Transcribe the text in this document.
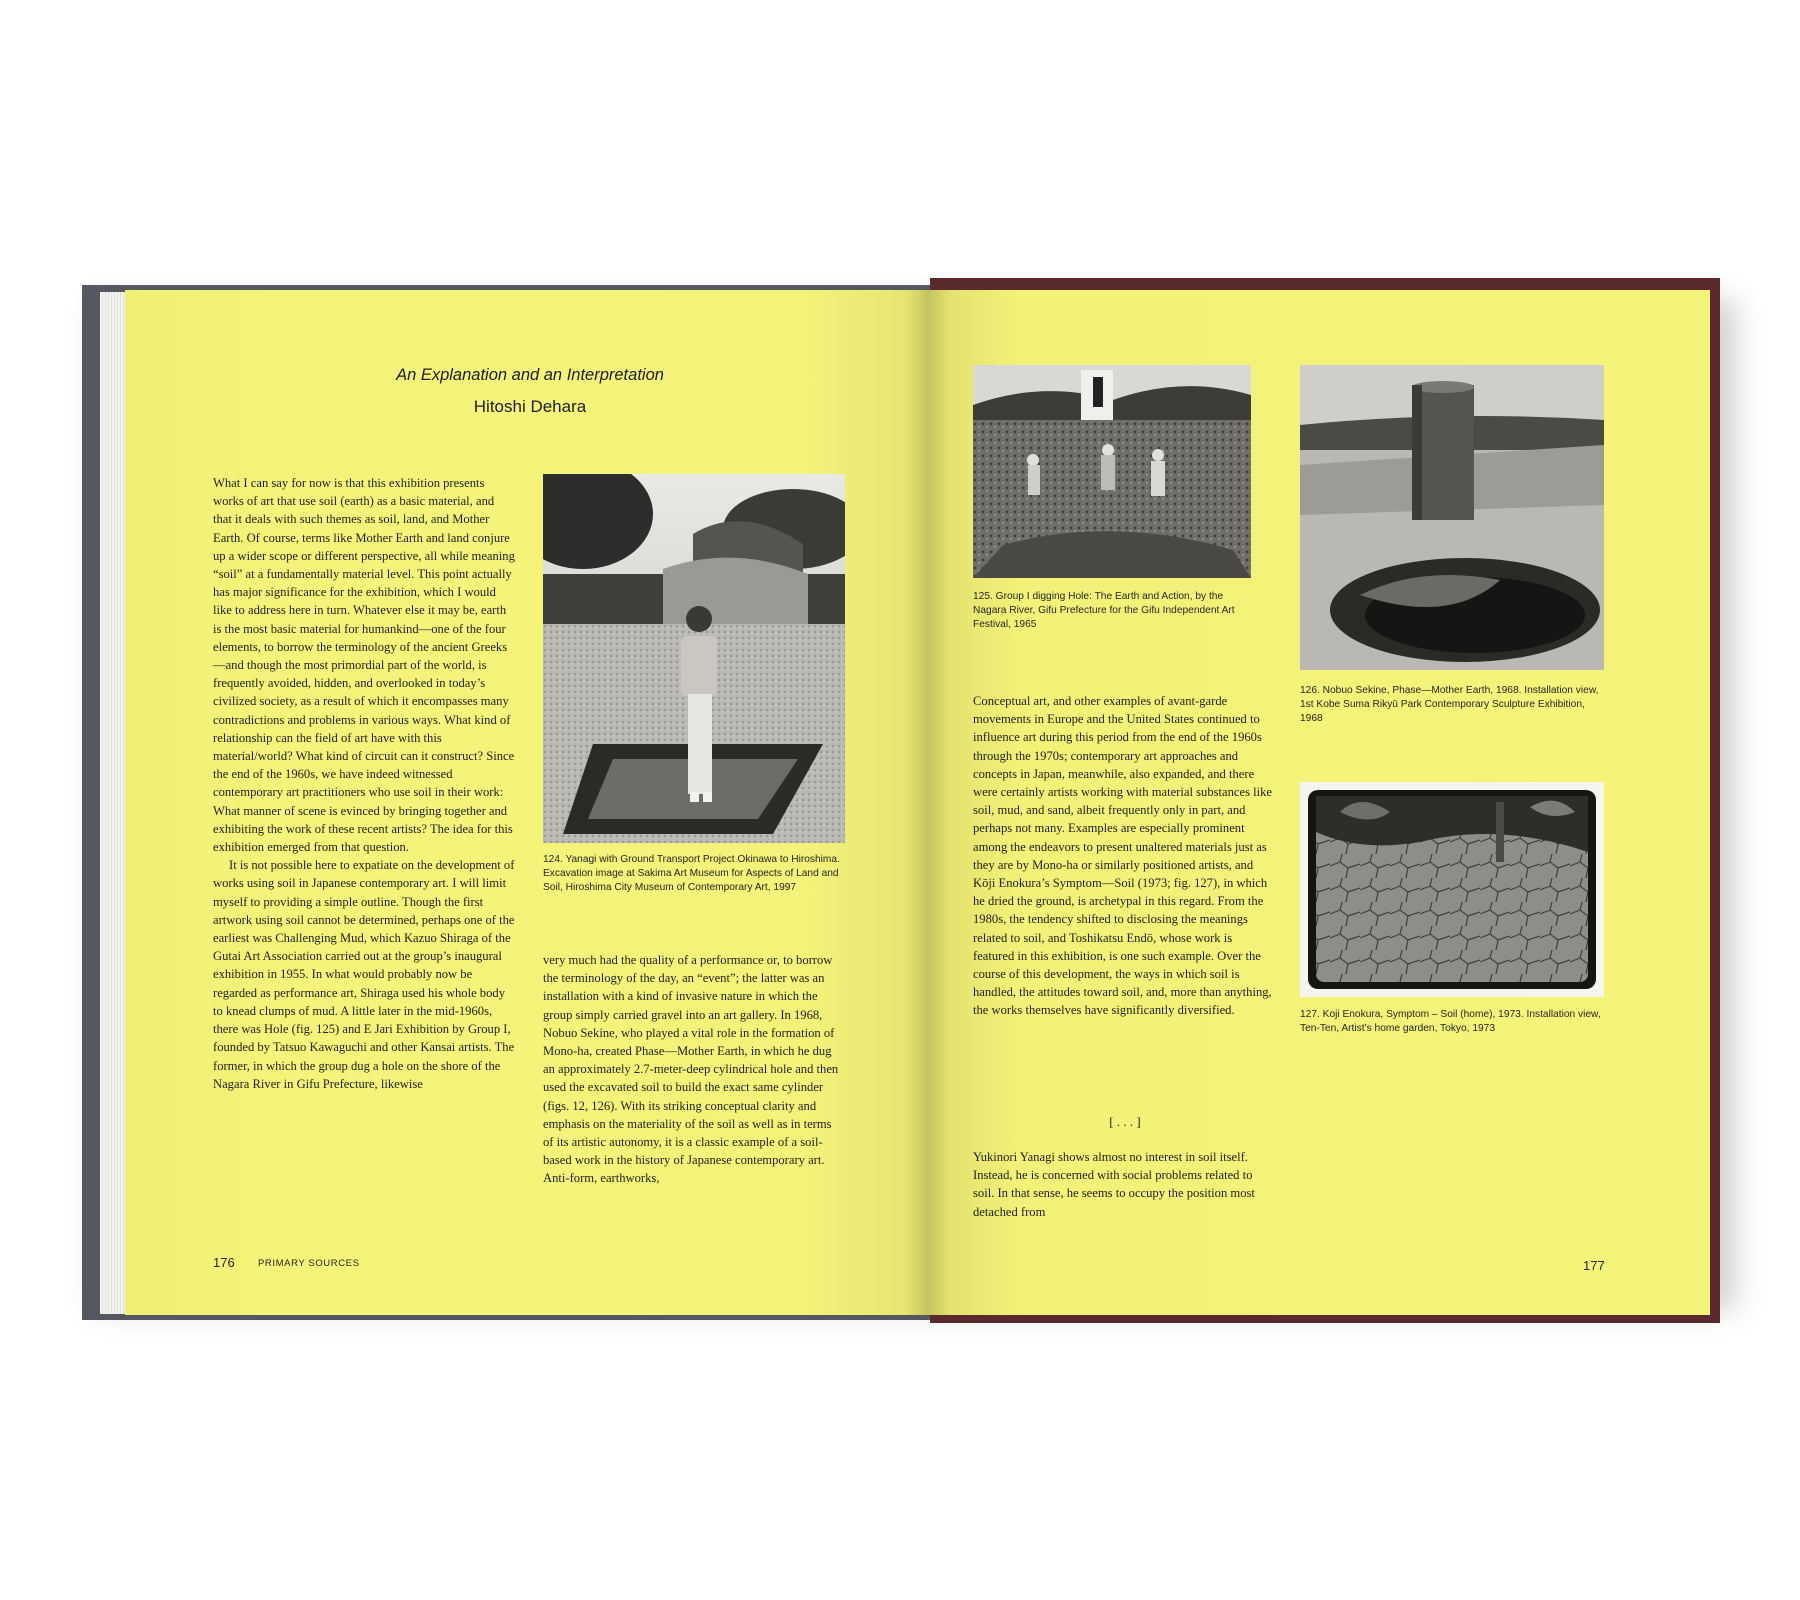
An Explanation and an Interpretation
Hitoshi Dehara

What I can say for now is that this exhibition presents works of art that use soil (earth) as a basic material, and that it deals with such themes as soil, land, and Mother Earth. Of course, terms like Mother Earth and land conjure up a wider scope or different perspective, all while meaning “soil” at a fundamentally material level. This point actually has major significance for the exhibition, which I would like to address here in turn. Whatever else it may be, earth is the most basic material for humankind—one of the four elements, to borrow the terminology of the ancient Greeks—and though the most primordial part of the world, is frequently avoided, hidden, and overlooked in today’s civilized society, as a result of which it encompasses many contradictions and problems in various ways. What kind of relationship can the field of art have with this material/world? What kind of circuit can it construct? Since the end of the 1960s, we have indeed witnessed contemporary art practitioners who use soil in their work: What manner of scene is evinced by bringing together and exhibiting the work of these recent artists? The idea for this exhibition emerged from that question.

It is not possible here to expatiate on the development of works using soil in Japanese contemporary art. I will limit myself to providing a simple outline. Though the first artwork using soil cannot be determined, perhaps one of the earliest was Challenging Mud, which Kazuo Shiraga of the Gutai Art Association carried out at the group’s inaugural exhibition in 1955. In what would probably now be regarded as performance art, Shiraga used his whole body to knead clumps of mud. A little later in the mid-1960s, there was Hole (fig. 125) and E Jari Exhibition by Group I, founded by Tatsuo Kawaguchi and other Kansai artists. The former, in which the group dug a hole on the shore of the Nagara River in Gifu Prefecture, likewise

124. Yanagi with Ground Transport Project Okinawa to Hiroshima. Excavation image at Sakima Art Museum for Aspects of Land and Soil, Hiroshima City Museum of Contemporary Art, 1997

very much had the quality of a performance or, to borrow the terminology of the day, an “event”; the latter was an installation with a kind of invasive nature in which the group simply carried gravel into an art gallery. In 1968, Nobuo Sekine, who played a vital role in the formation of Mono-ha, created Phase—Mother Earth, in which he dug an approximately 2.7-meter-deep cylindrical hole and then used the excavated soil to build the exact same cylinder (figs. 12, 126). With its striking conceptual clarity and emphasis on the materiality of the soil as well as in terms of its artistic autonomy, it is a classic example of a soil-based work in the history of Japanese contemporary art. Anti-form, earthworks,

176 PRIMARY SOURCES
125. Group I digging Hole: The Earth and Action, by the Nagara River, Gifu Prefecture for the Gifu Independent Art Festival, 1965
126. Nobuo Sekine, Phase—Mother Earth, 1968. Installation view, 1st Kobe Suma Rikyū Park Contemporary Sculpture Exhibition, 1968

Conceptual art, and other examples of avant-garde movements in Europe and the United States continued to influence art during this period from the end of the 1960s through the 1970s; contemporary art approaches and concepts in Japan, meanwhile, also expanded, and there were certainly artists working with material substances like soil, mud, and sand, albeit frequently only in part, and perhaps not many. Examples are especially prominent among the endeavors to present unaltered materials just as they are by Mono-ha or similarly positioned artists, and Kōji Enokura’s Symptom—Soil (1973; fig. 127), in which he dried the ground, is archetypal in this regard. From the 1980s, the tendency shifted to disclosing the meanings related to soil, and Toshikatsu Endō, whose work is featured in this exhibition, is one such example. Over the course of this development, the ways in which soil is handled, the attitudes toward soil, and, more than anything, the works themselves have significantly diversified.

[ . . . ]

Yukinori Yanagi shows almost no interest in soil itself. Instead, he is concerned with social problems related to soil. In that sense, he seems to occupy the position most detached from

127. Koji Enokura, Symptom – Soil (home), 1973. Installation view, Ten-Ten, Artist’s home garden, Tokyo, 1973
177
